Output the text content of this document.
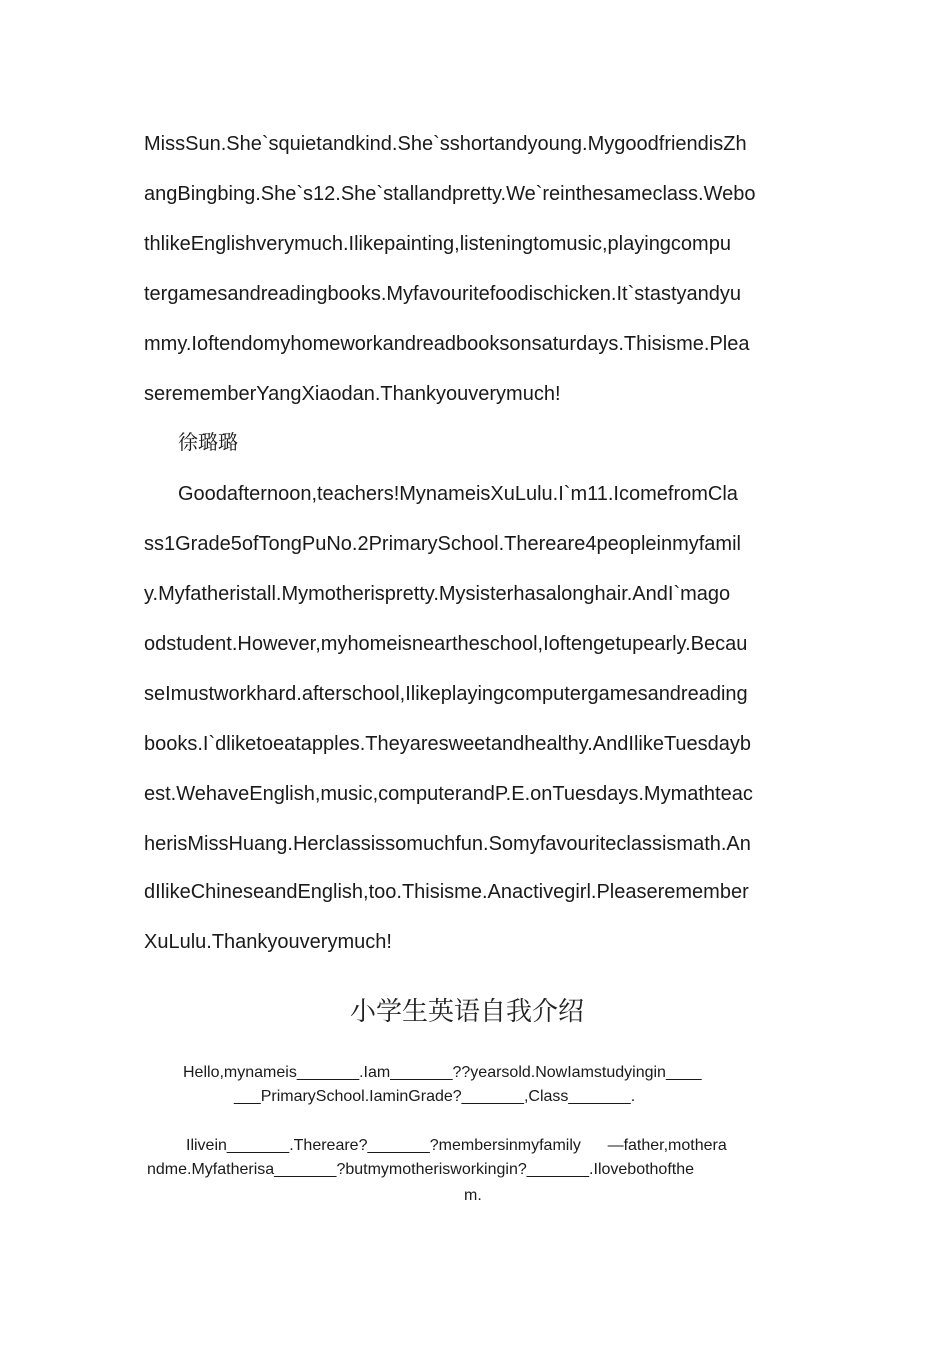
MissSun.She`squietandkind.She`sshortandyoung.MygoodfriendisZh
angBingbing.She`s12.She`stallandpretty.We`reinthesameclass.Webo
thlikeEnglishverymuch.Ilikepainting,listeningtomusic,playingcompu
tergamesandreadingbooks.Myfavouritefoodischicken.It`stastyandyu
mmy.Ioftendomyhomeworkandreadbooksonsaturdays.Thisisme.Plea
serememberYangXiaodan.Thankyouverymuch!
徐璐璐
Goodafternoon,teachers!MynameisXuLulu.I`m11.IcomefromCla
ss1Grade5ofTongPuNo.2PrimarySchool.Thereare4peopleinmyfamil
y.Myfatheristall.Mymotherispretty.Mysisterhasalonghair.AndI`mago
odstudent.However,myhomeisneartheschool,Ioftengetupearly.Becau
seImustworkhard.afterschool,Ilikeplayingcomputergamesandreading
books.I`dliketoeatapples.Theyaresweetandhealthy.AndIlikeTuesdayb
est.WehaveEnglish,music,computerandP.E.onTuesdays.Mymathteac
herisMissHuang.Herclassissomuchfun.Somyfavouriteclassismath.An
dIlikeChineseandEnglish,too.Thisisme.Anactivegirl.Pleaseremember
XuLulu.Thankyouverymuch!
小学生英语自我介绍
Hello,mynameis_______.Iam_______??yearsold.NowIamstudyingin____
___PrimarySchool.IaminGrade?_______,Class_______.
Ilivein_______.Thereare?_______?membersinmyfamily      —father,mothera
ndme.Myfatherisa_______?butmymotherisworkingin?_______.Ilovebothofthe
m.
